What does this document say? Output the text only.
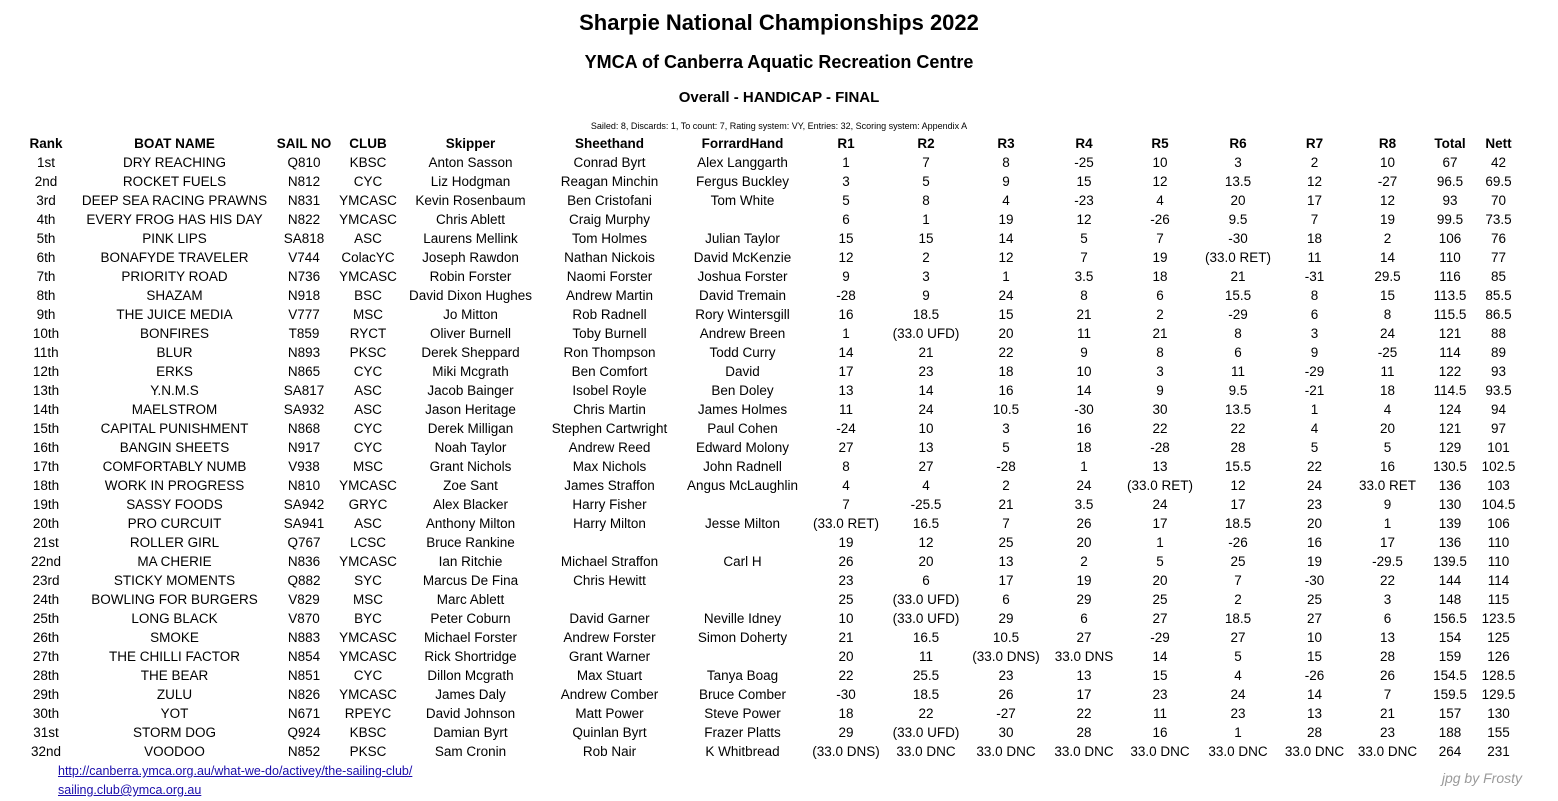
Sharpie National Championships 2022
YMCA of Canberra Aquatic Recreation Centre
Overall - HANDICAP - FINAL
Sailed: 8, Discards: 1, To count: 7, Rating system: VY, Entries: 32, Scoring system: Appendix A
Rank	BOAT NAME	SAIL NO	CLUB	Skipper	Sheethand	ForrardHand	R1	R2	R3	R4	R5	R6	R7	R8	Total	Nett
1st	DRY REACHING	Q810	KBSC	Anton Sasson	Conrad Byrt	Alex Langgarth	1	7	8	-25	10	3	2	10	67	42
2nd	ROCKET FUELS	N812	CYC	Liz Hodgman	Reagan Minchin	Fergus Buckley	3	5	9	15	12	13.5	12	-27	96.5	69.5
3rd	DEEP SEA RACING PRAWNS	N831	YMCASC	Kevin Rosenbaum	Ben Cristofani	Tom White	5	8	4	-23	4	20	17	12	93	70
4th	EVERY FROG HAS HIS DAY	N822	YMCASC	Chris Ablett	Craig Murphy		6	1	19	12	-26	9.5	7	19	99.5	73.5
5th	PINK LIPS	SA818	ASC	Laurens Mellink	Tom Holmes	Julian Taylor	15	15	14	5	7	-30	18	2	106	76
6th	BONAFYDE TRAVELER	V744	ColacYC	Joseph Rawdon	Nathan Nickois	David McKenzie	12	2	12	7	19	(33.0 RET)	11	14	110	77
7th	PRIORITY ROAD	N736	YMCASC	Robin Forster	Naomi Forster	Joshua Forster	9	3	1	3.5	18	21	-31	29.5	116	85
8th	SHAZAM	N918	BSC	David Dixon Hughes	Andrew Martin	David Tremain	-28	9	24	8	6	15.5	8	15	113.5	85.5
9th	THE JUICE MEDIA	V777	MSC	Jo Mitton	Rob Radnell	Rory Wintersgill	16	18.5	15	21	2	-29	6	8	115.5	86.5
10th	BONFIRES	T859	RYCT	Oliver Burnell	Toby Burnell	Andrew Breen	1	(33.0 UFD)	20	11	21	8	3	24	121	88
11th	BLUR	N893	PKSC	Derek Sheppard	Ron Thompson	Todd Curry	14	21	22	9	8	6	9	-25	114	89
12th	ERKS	N865	CYC	Miki Mcgrath	Ben Comfort	David	17	23	18	10	3	11	-29	11	122	93
13th	Y.N.M.S	SA817	ASC	Jacob Bainger	Isobel Royle	Ben Doley	13	14	16	14	9	9.5	-21	18	114.5	93.5
14th	MAELSTROM	SA932	ASC	Jason Heritage	Chris Martin	James Holmes	11	24	10.5	-30	30	13.5	1	4	124	94
15th	CAPITAL PUNISHMENT	N868	CYC	Derek Milligan	Stephen Cartwright	Paul Cohen	-24	10	3	16	22	22	4	20	121	97
16th	BANGIN SHEETS	N917	CYC	Noah Taylor	Andrew Reed	Edward Molony	27	13	5	18	-28	28	5	5	129	101
17th	COMFORTABLY NUMB	V938	MSC	Grant Nichols	Max Nichols	John Radnell	8	27	-28	1	13	15.5	22	16	130.5	102.5
18th	WORK IN PROGRESS	N810	YMCASC	Zoe Sant	James Straffon	Angus McLaughlin	4	4	2	24	(33.0 RET)	12	24	33.0 RET	136	103
19th	SASSY FOODS	SA942	GRYC	Alex Blacker	Harry Fisher		7	-25.5	21	3.5	24	17	23	9	130	104.5
20th	PRO CURCUIT	SA941	ASC	Anthony Milton	Harry Milton	Jesse Milton	(33.0 RET)	16.5	7	26	17	18.5	20	1	139	106
21st	ROLLER GIRL	Q767	LCSC	Bruce Rankine			19	12	25	20	1	-26	16	17	136	110
22nd	MA CHERIE	N836	YMCASC	Ian Ritchie	Michael Straffon	Carl H	26	20	13	2	5	25	19	-29.5	139.5	110
23rd	STICKY MOMENTS	Q882	SYC	Marcus De Fina	Chris Hewitt		23	6	17	19	20	7	-30	22	144	114
24th	BOWLING FOR BURGERS	V829	MSC	Marc Ablett			25	(33.0 UFD)	6	29	25	2	25	3	148	115
25th	LONG BLACK	V870	BYC	Peter Coburn	David Garner	Neville Idney	10	(33.0 UFD)	29	6	27	18.5	27	6	156.5	123.5
26th	SMOKE	N883	YMCASC	Michael Forster	Andrew Forster	Simon Doherty	21	16.5	10.5	27	-29	27	10	13	154	125
27th	THE CHILLI FACTOR	N854	YMCASC	Rick Shortridge	Grant Warner		20	11	(33.0 DNS)	33.0 DNS	14	5	15	28	159	126
28th	THE BEAR	N851	CYC	Dillon Mcgrath	Max Stuart	Tanya Boag	22	25.5	23	13	15	4	-26	26	154.5	128.5
29th	ZULU	N826	YMCASC	James Daly	Andrew Comber	Bruce Comber	-30	18.5	26	17	23	24	14	7	159.5	129.5
30th	YOT	N671	RPEYC	David Johnson	Matt Power	Steve Power	18	22	-27	22	11	23	13	21	157	130
31st	STORM DOG	Q924	KBSC	Damian Byrt	Quinlan Byrt	Frazer Platts	29	(33.0 UFD)	30	28	16	1	28	23	188	155
32nd	VOODOO	N852	PKSC	Sam Cronin	Rob Nair	K Whitbread	(33.0 DNS)	33.0 DNC	33.0 DNC	33.0 DNC	33.0 DNC	33.0 DNC	33.0 DNC	33.0 DNC	264	231
http://canberra.ymca.org.au/what-we-do/activey/the-sailing-club/
sailing.club@ymca.org.au
jpg by Frosty
